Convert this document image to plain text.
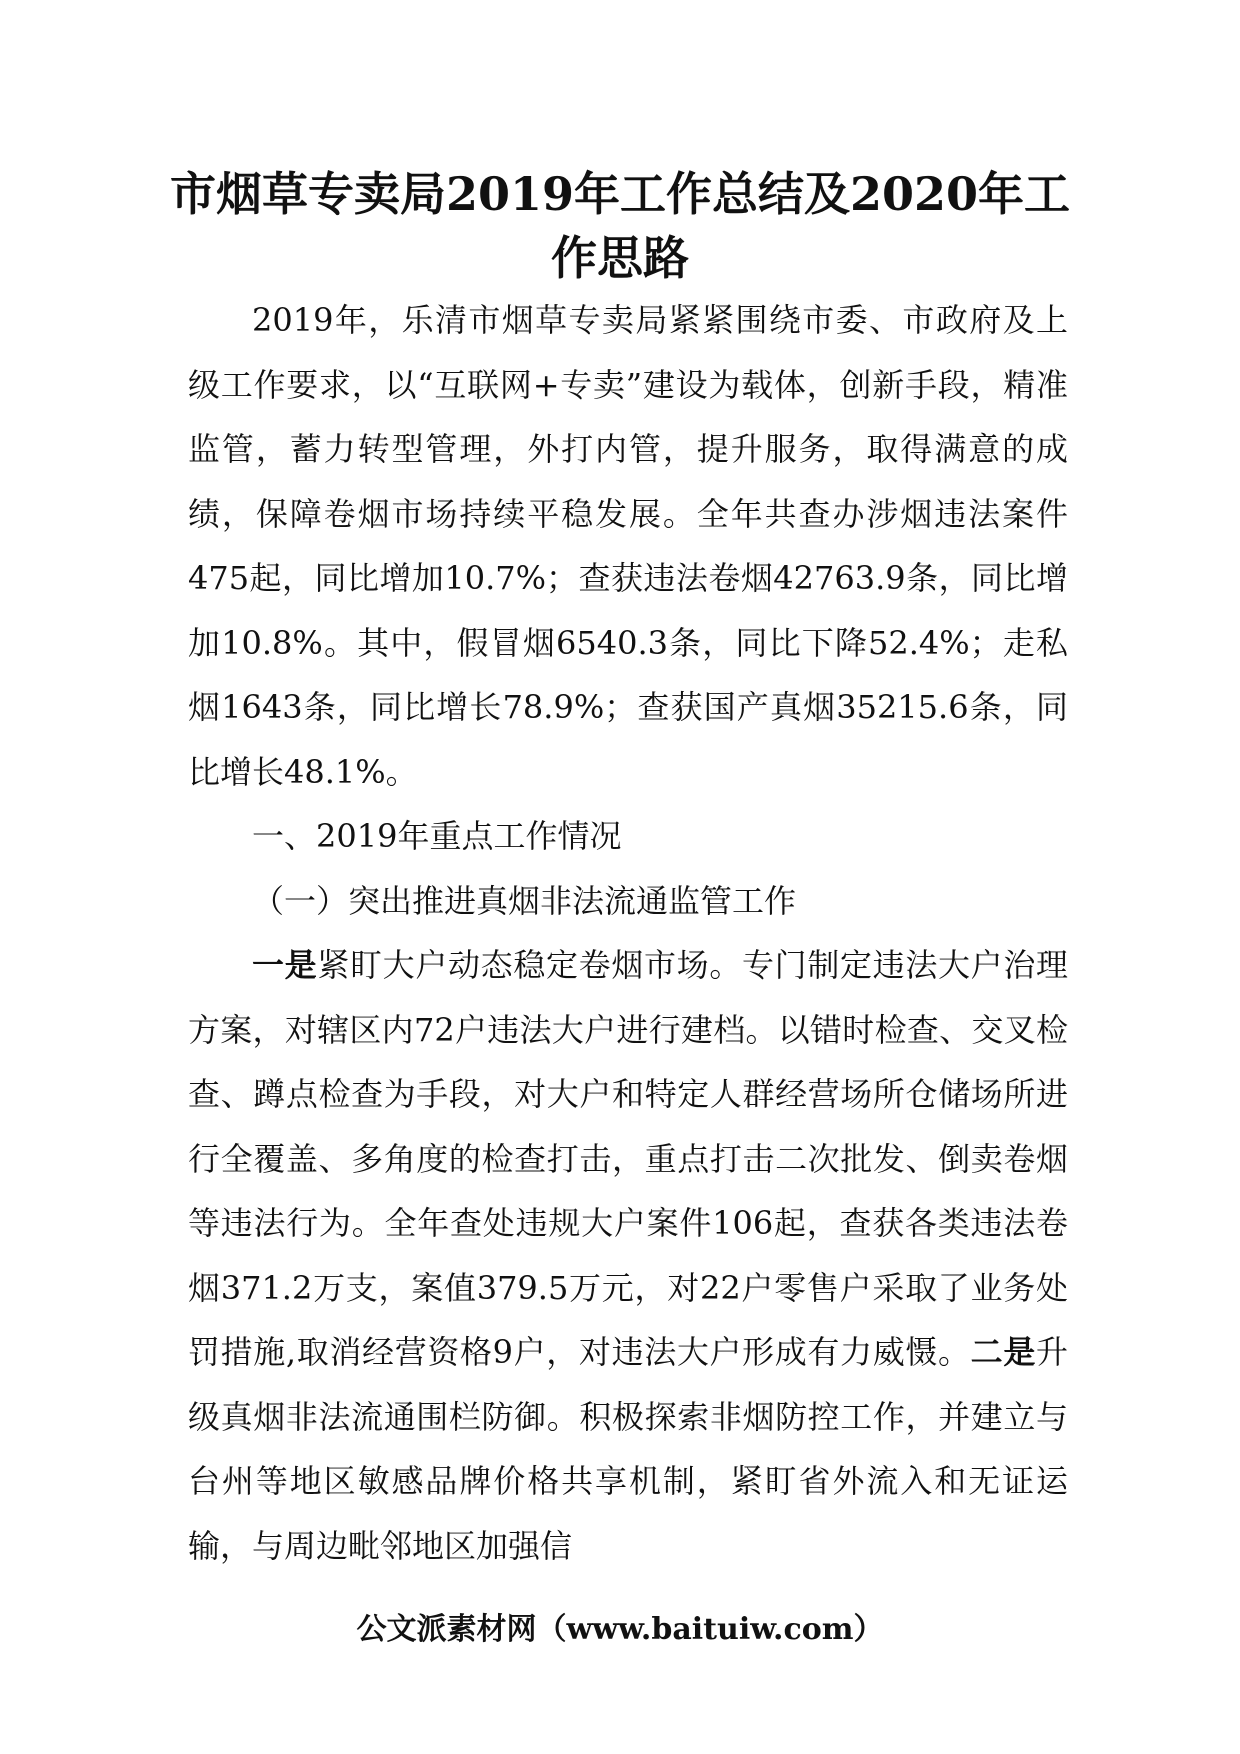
市烟草专卖局2019年工作总结及2020年工
作思路

2019年，乐清市烟草专卖局紧紧围绕市委、市政府及上级工作要求，以“互联网+专卖”建设为载体，创新手段，精准监管，蓄力转型管理，外打内管，提升服务，取得满意的成绩，保障卷烟市场持续平稳发展。全年共查办涉烟违法案件475起，同比增加10.7%；查获违法卷烟42763.9条，同比增加10.8%。其中，假冒烟6540.3条，同比下降52.4%；走私烟1643条，同比增长78.9%；查获国产真烟35215.6条，同比增长48.1%。

一、2019年重点工作情况

（一）突出推进真烟非法流通监管工作

一是紧盯大户动态稳定卷烟市场。专门制定违法大户治理方案，对辖区内72户违法大户进行建档。以错时检查、交叉检查、蹲点检查为手段，对大户和特定人群经营场所仓储场所进行全覆盖、多角度的检查打击，重点打击二次批发、倒卖卷烟等违法行为。全年查处违规大户案件106起，查获各类违法卷烟371.2万支，案值379.5万元，对22户零售户采取了业务处罚措施,取消经营资格9户，对违法大户形成有力威慑。二是升级真烟非法流通围栏防御。积极探索非烟防控工作，并建立与台州等地区敏感品牌价格共享机制，紧盯省外流入和无证运输，与周边毗邻地区加强信

公文派素材网（www.baituiw.com）
